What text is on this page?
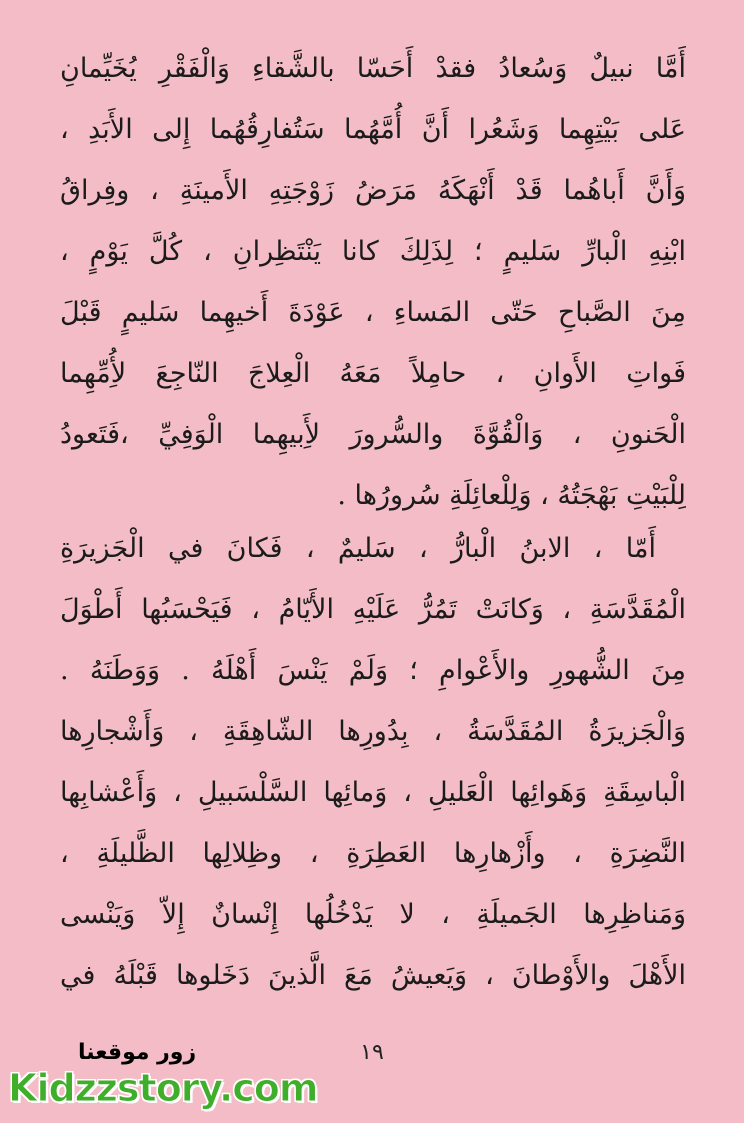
أَمَّا نبيلٌ وَسُعادُ فقدْ أَحَسّا بالشَّقاءِ وَالْفَقْرِ يُخَيِّمانِ
عَلى بَيْتِهِما وَشَعُرا أَنَّ أُمَّهُما سَتُفارِقُهُما إِلى الأَبَدِ ،
وَأَنَّ أَباهُما قَدْ أَنْهَكَهُ مَرَضُ زَوْجَتِهِ الأَمينَةِ ، وفِراقُ
ابْنِهِ الْبارِّ سَليمٍ ؛ لِذَلِكَ كانا يَنْتَظِرانِ ، كُلَّ يَوْمٍ ،
مِنَ الصَّباحِ حَتّى المَساءِ ، عَوْدَةَ أَخيهِما سَليمٍ قَبْلَ
فَواتِ الأَوانِ ، حامِلاً مَعَهُ الْعِلاجَ النّاجِعَ لأُِمِّهِما
الْحَنونِ ، وَالْقُوَّةَ والسُّرورَ لأَِبيهِما الْوَفِيِّ ،فَتَعودُ
لِلْبَيْتِ بَهْجَتُهُ ، وَلِلْعائِلَةِ سُرورُها .
أَمّا ، الابنُ الْبارُّ ، سَليمٌ ، فَكانَ في الْجَزيرَةِ
الْمُقَدَّسَةِ ، وَكانَتْ تَمُرُّ عَلَيْهِ الأَيّامُ ، فَيَحْسَبُها أَطْوَلَ
مِنَ الشُّهورِ والأَعْوامِ ؛ وَلَمْ يَنْسَ أَهْلَهُ . وَوَطَنَهُ .
وَالْجَزيرَةُ المُقَدَّسَةُ ، بِدُورِها الشّاهِقَةِ ، وَأَشْجارِها
الْباسِقَةِ وَهَوائِها الْعَليلِ ، وَمائِها السَّلْسَبيلِ ، وَأَعْشابِها
النَّضِرَةِ ، وأَزْهارِها العَطِرَةِ ، وظِلالِها الظَّليلَةِ ،
وَمَناظِرِها الجَميلَةِ ، لا يَدْخُلُها إِنْسانٌ إِلاّ وَيَنْسى
الأَهْلَ والأَوْطانَ ، وَيَعيشُ مَعَ الَّذينَ دَخَلوها قَبْلَهُ في
١٩
زور موقعنا
Kidzzstory.com
